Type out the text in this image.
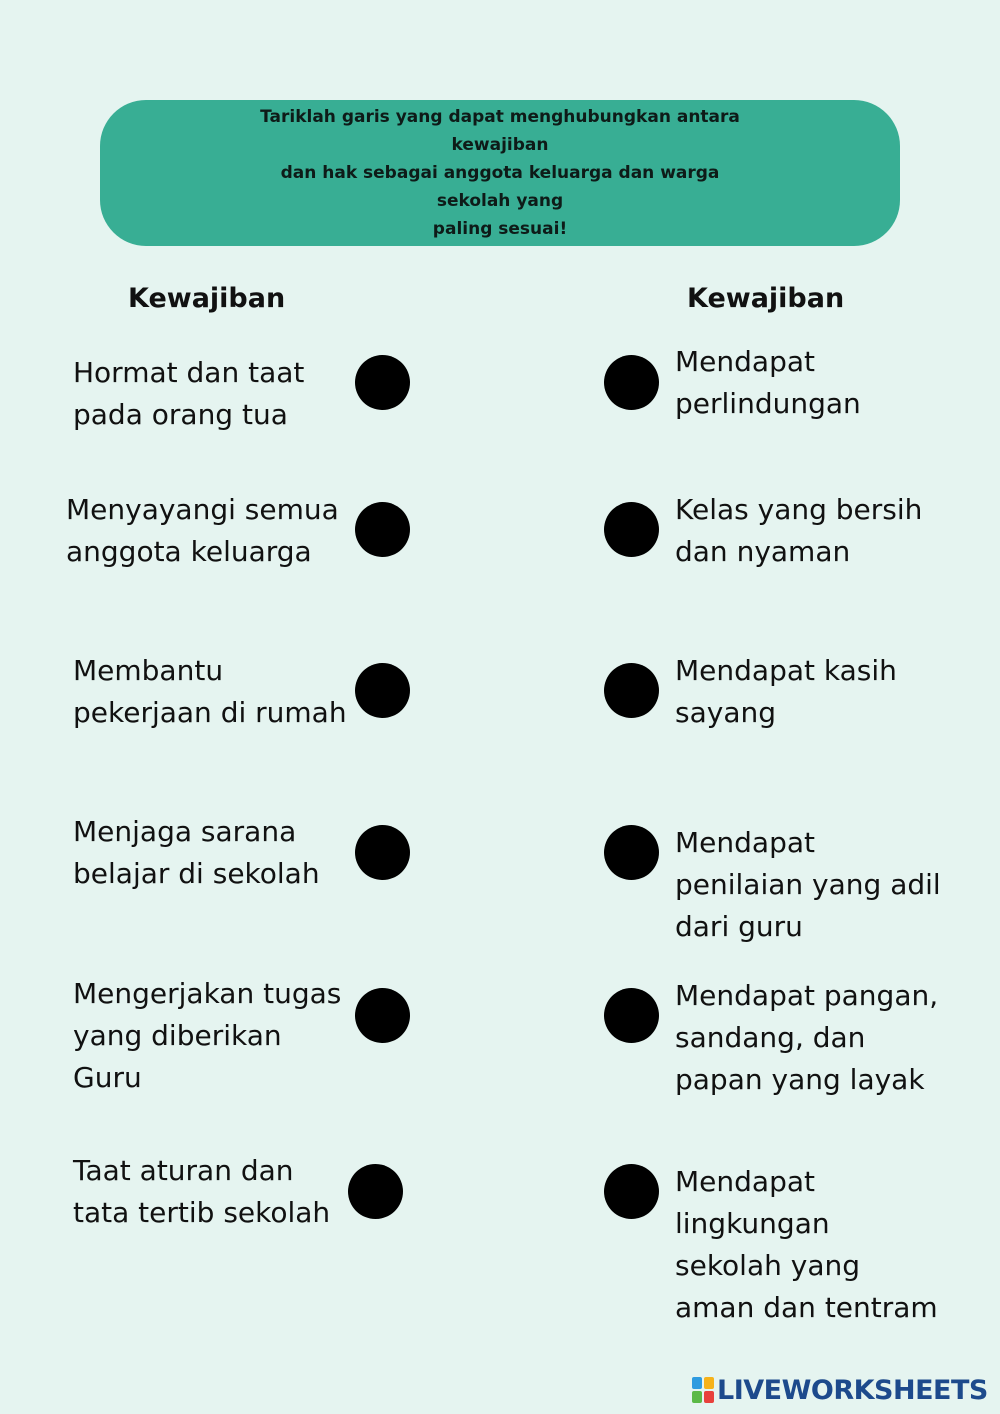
Tariklah garis yang dapat menghubungkan antara kewajiban
dan hak sebagai anggota keluarga dan warga sekolah yang
paling sesuai!

Kewajiban	Kewajiban

Hormat dan taat
pada orang tua

Menyayangi semua
anggota keluarga

Membantu
pekerjaan di rumah

Menjaga sarana
belajar di sekolah

Mengerjakan tugas
yang diberikan
Guru

Taat aturan dan
tata tertib sekolah

Mendapat
perlindungan

Kelas yang bersih
dan nyaman

Mendapat kasih
sayang

Mendapat
penilaian yang adil
dari guru

Mendapat pangan,
sandang, dan
papan yang layak

Mendapat
lingkungan
sekolah yang
aman dan tentram

LIVEWORKSHEETS
